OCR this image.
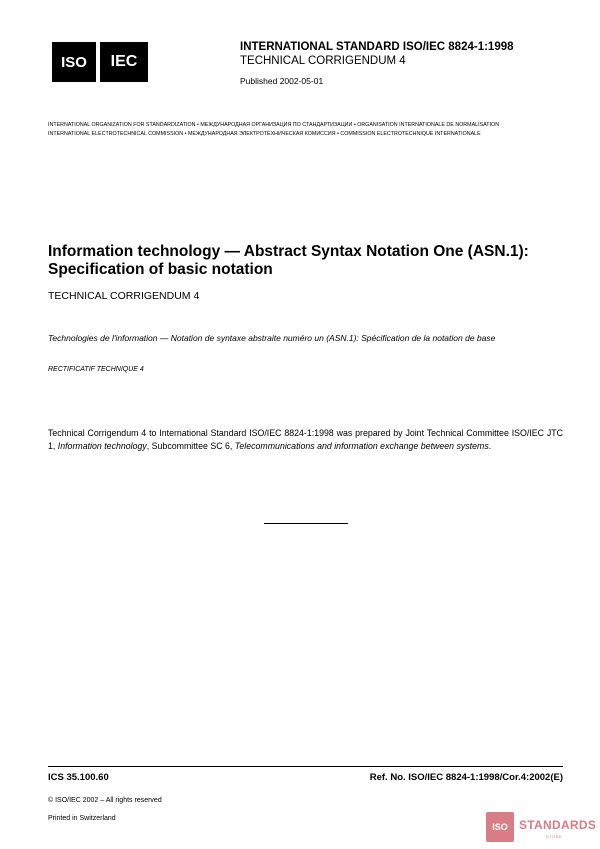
ISO IEC
INTERNATIONAL STANDARD ISO/IEC 8824-1:1998
TECHNICAL CORRIGENDUM 4
Published 2002-05-01
INTERNATIONAL ORGANIZATION FOR STANDARDIZATION • МЕЖДУНАРОДНАЯ ОРГАНИЗАЦИЯ ПО СТАНДАРТИЗАЦИИ • ORGANISATION INTERNATIONALE DE NORMALISATION
INTERNATIONAL ELECTROTECHNICAL COMMISSION • МЕЖДУНАРОДНАЯ ЭЛЕКТРОТЕХНИЧЕСКАЯ КОМИССИЯ • COMMISSION ELECTROTECHNIQUE INTERNATIONALE
Information technology — Abstract Syntax Notation One (ASN.1):
Specification of basic notation
TECHNICAL CORRIGENDUM 4
Technologies de l'information — Notation de syntaxe abstraite numéro un (ASN.1): Spécification de la notation de base
RECTIFICATIF TECHNIQUE 4
Technical Corrigendum 4 to International Standard ISO/IEC 8824-1:1998 was prepared by Joint Technical Committee ISO/IEC JTC 1, Information technology, Subcommittee SC 6, Telecommunications and information exchange between systems.
ICS 35.100.60	Ref. No. ISO/IEC 8824-1:1998/Cor.4:2002(E)
© ISO/IEC 2002 – All rights reserved
Printed in Switzerland
ISO STANDARDS
STORE
